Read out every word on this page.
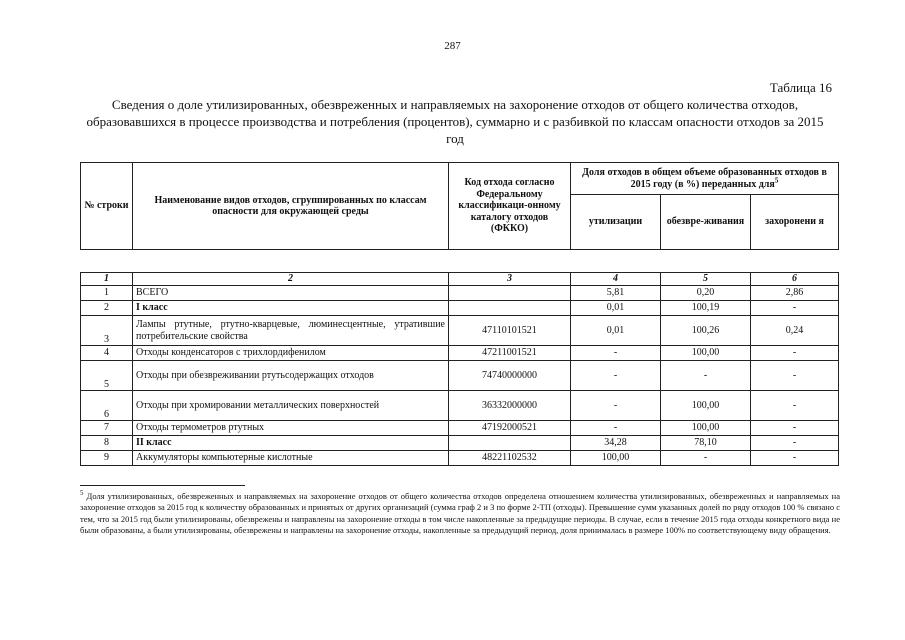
287
Таблица 16
Сведения о доле утилизированных, обезвреженных и направляемых на захоронение отходов от общего количества отходов, образовавшихся в процессе производства и потребления (процентов), суммарно и с разбивкой по классам опасности отходов за 2015 год
№ строки	Наименование видов отходов, сгруппированных по классам опасности для окружающей среды	Код отхода согласно Федеральному классификаци-онному каталогу отходов (ФККО)	Доля отходов в общем объеме образованных отходов в 2015 году (в %) переданных для$^5$
			утилизации	обезвре-живания	захоронени я
1	2	3	4	5	6
1	ВСЕГО		5,81	0,20	2,86
2	I класс		0,01	100,19	-
3	Лампы ртутные, ртутно-кварцевые, люминесцентные, утратившие потребительские свойства	47110101521	0,01	100,26	0,24
4	Отходы конденсаторов с трихлордифенилом	47211001521	-	100,00	-
5	Отходы при обезвреживании ртутьсодержащих отходов	74740000000	-	-	-
6	Отходы при хромировании металлических поверхностей	36332000000	-	100,00	-
7	Отходы термометров ртутных	47192000521	-	100,00	-
8	II класс		34,28	78,10	-
9	Аккумуляторы компьютерные кислотные	48221102532	100,00	-	-
$^5$ Доля утилизированных, обезвреженных и направляемых на захоронение отходов от общего количества отходов определена отношением количества утилизированных, обезвреженных и направляемых на захоронение отходов за 2015 год к количеству образованных и принятых от других организаций (сумма граф 2 и 3 по форме 2-ТП (отходы). Превышение сумм указанных долей по ряду отходов 100 % связано с тем, что за 2015 год были утилизированы, обезврежены и направлены на захоронение отходы в том числе накопленные за предыдущие периоды. В случае, если в течение 2015 года отходы конкретного вида не были образованы, а были утилизированы, обезврежены и направлены на захоронение отходы, накопленные за предыдущий период, доля принималась в размере 100% по соответствующему виду обращения.
